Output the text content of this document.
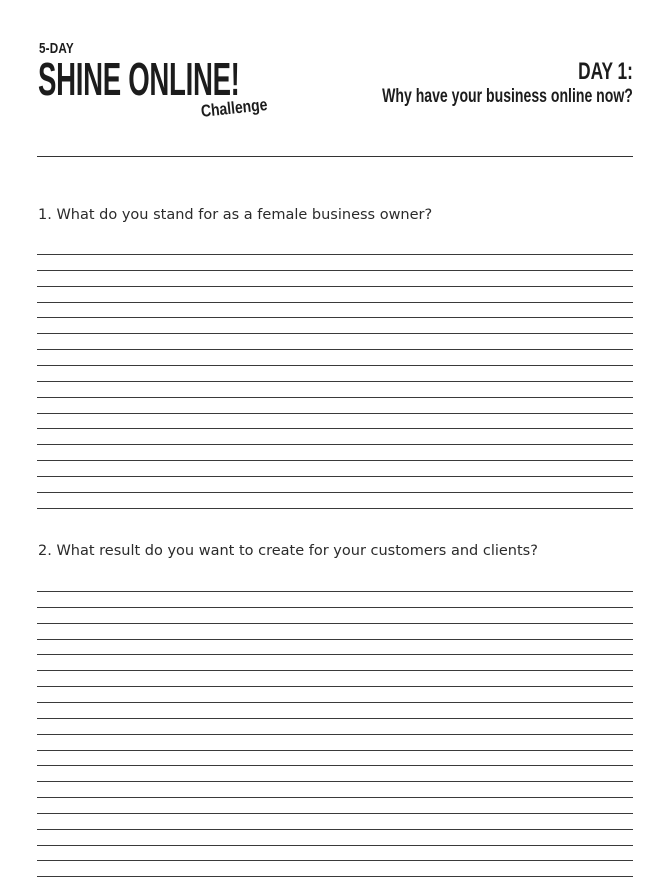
5-DAY
SHINE ONLINE!
Challenge
DAY 1:
Why have your business online now?
1. What do you stand for as a female business owner?
2. What result do you want to create for your customers and clients?
